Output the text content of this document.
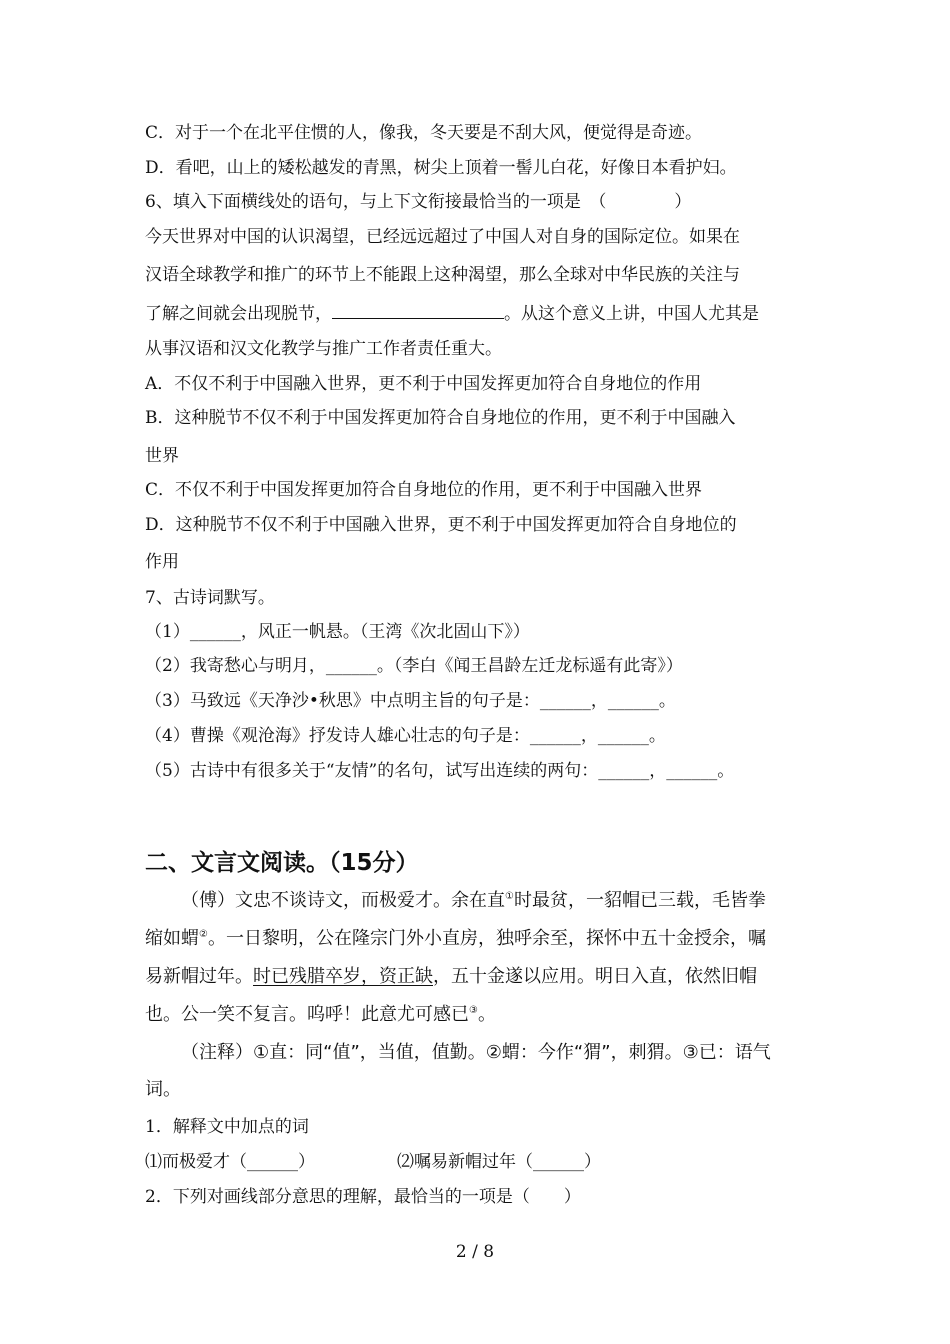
C．对于一个在北平住惯的人，像我，冬天要是不刮大风，便觉得是奇迹。
D．看吧，山上的矮松越发的青黑，树尖上顶着一髻儿白花，好像日本看护妇。
6、填入下面横线处的语句，与上下文衔接最恰当的一项是　（　　　　）
今天世界对中国的认识渴望，已经远远超过了中国人对自身的国际定位。如果在
汉语全球教学和推广的环节上不能跟上这种渴望，那么全球对中华民族的关注与
了解之间就会出现脱节，	。从这个意义上讲，中国人尤其是
从事汉语和汉文化教学与推广工作者责任重大。
A．不仅不利于中国融入世界，更不利于中国发挥更加符合自身地位的作用
B．这种脱节不仅不利于中国发挥更加符合自身地位的作用，更不利于中国融入
世界
C．不仅不利于中国发挥更加符合自身地位的作用，更不利于中国融入世界
D．这种脱节不仅不利于中国融入世界，更不利于中国发挥更加符合自身地位的
作用
7、古诗词默写。
（1）______，风正一帆悬。（王湾《次北固山下》）
（2）我寄愁心与明月，______。（李白《闻王昌龄左迁龙标遥有此寄》）
（3）马致远《天净沙•秋思》中点明主旨的句子是：______，______。
（4）曹操《观沧海》抒发诗人雄心壮志的句子是：______，______。
（5）古诗中有很多关于“友情”的名句，试写出连续的两句：______，______。
二、文言文阅读。（15分）
（傅）文忠不谈诗文，而极爱才。余在直①时最贫，一貂帽已三载，毛皆拳
缩如蝟②。一日黎明，公在隆宗门外小直房，独呼余至，探怀中五十金授余，嘱
易新帽过年。时已残腊卒岁，资正缺，五十金遂以应用。明日入直，依然旧帽
也。公一笑不复言。呜呼！此意尤可感已③。
（注释）①直：同“值”，当值，值勤。②蝟：今作“猬”，刺猬。③已：语气
词。
1．解释文中加点的词
⑴而极爱才（______）	⑵嘱易新帽过年（______）
2．下列对画线部分意思的理解，最恰当的一项是（　　）
2 / 8
